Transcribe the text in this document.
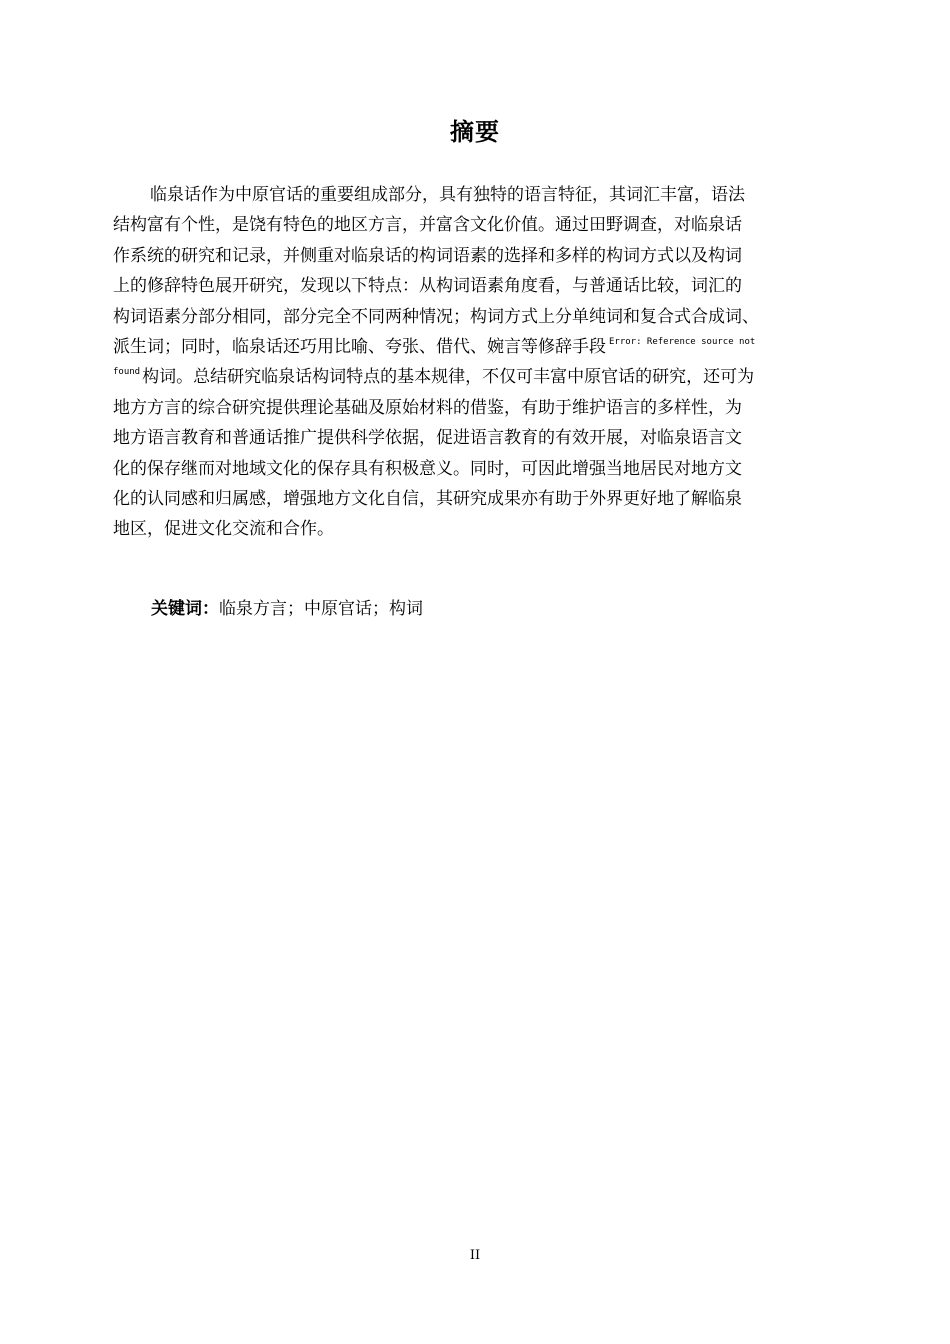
摘要
临泉话作为中原官话的重要组成部分，具有独特的语言特征，其词汇丰富，语法
结构富有个性，是饶有特色的地区方言，并富含文化价值。通过田野调查，对临泉话
作系统的研究和记录，并侧重对临泉话的构词语素的选择和多样的构词方式以及构词
上的修辞特色展开研究，发现以下特点：从构词语素角度看，与普通话比较，词汇的
构词语素分部分相同，部分完全不同两种情况；构词方式上分单纯词和复合式合成词、
派生词；同时，临泉话还巧用比喻、夸张、借代、婉言等修辞手段 $^{Error: Reference source not}$
$^{found}$ 构词。总结研究临泉话构词特点的基本规律，不仅可丰富中原官话的研究，还可为
地方方言的综合研究提供理论基础及原始材料的借鉴，有助于维护语言的多样性，为
地方语言教育和普通话推广提供科学依据，促进语言教育的有效开展，对临泉语言文
化的保存继而对地域文化的保存具有积极意义。同时，可因此增强当地居民对地方文
化的认同感和归属感，增强地方文化自信，其研究成果亦有助于外界更好地了解临泉
地区，促进文化交流和合作。
关键词：临泉方言；中原官话；构词
II
